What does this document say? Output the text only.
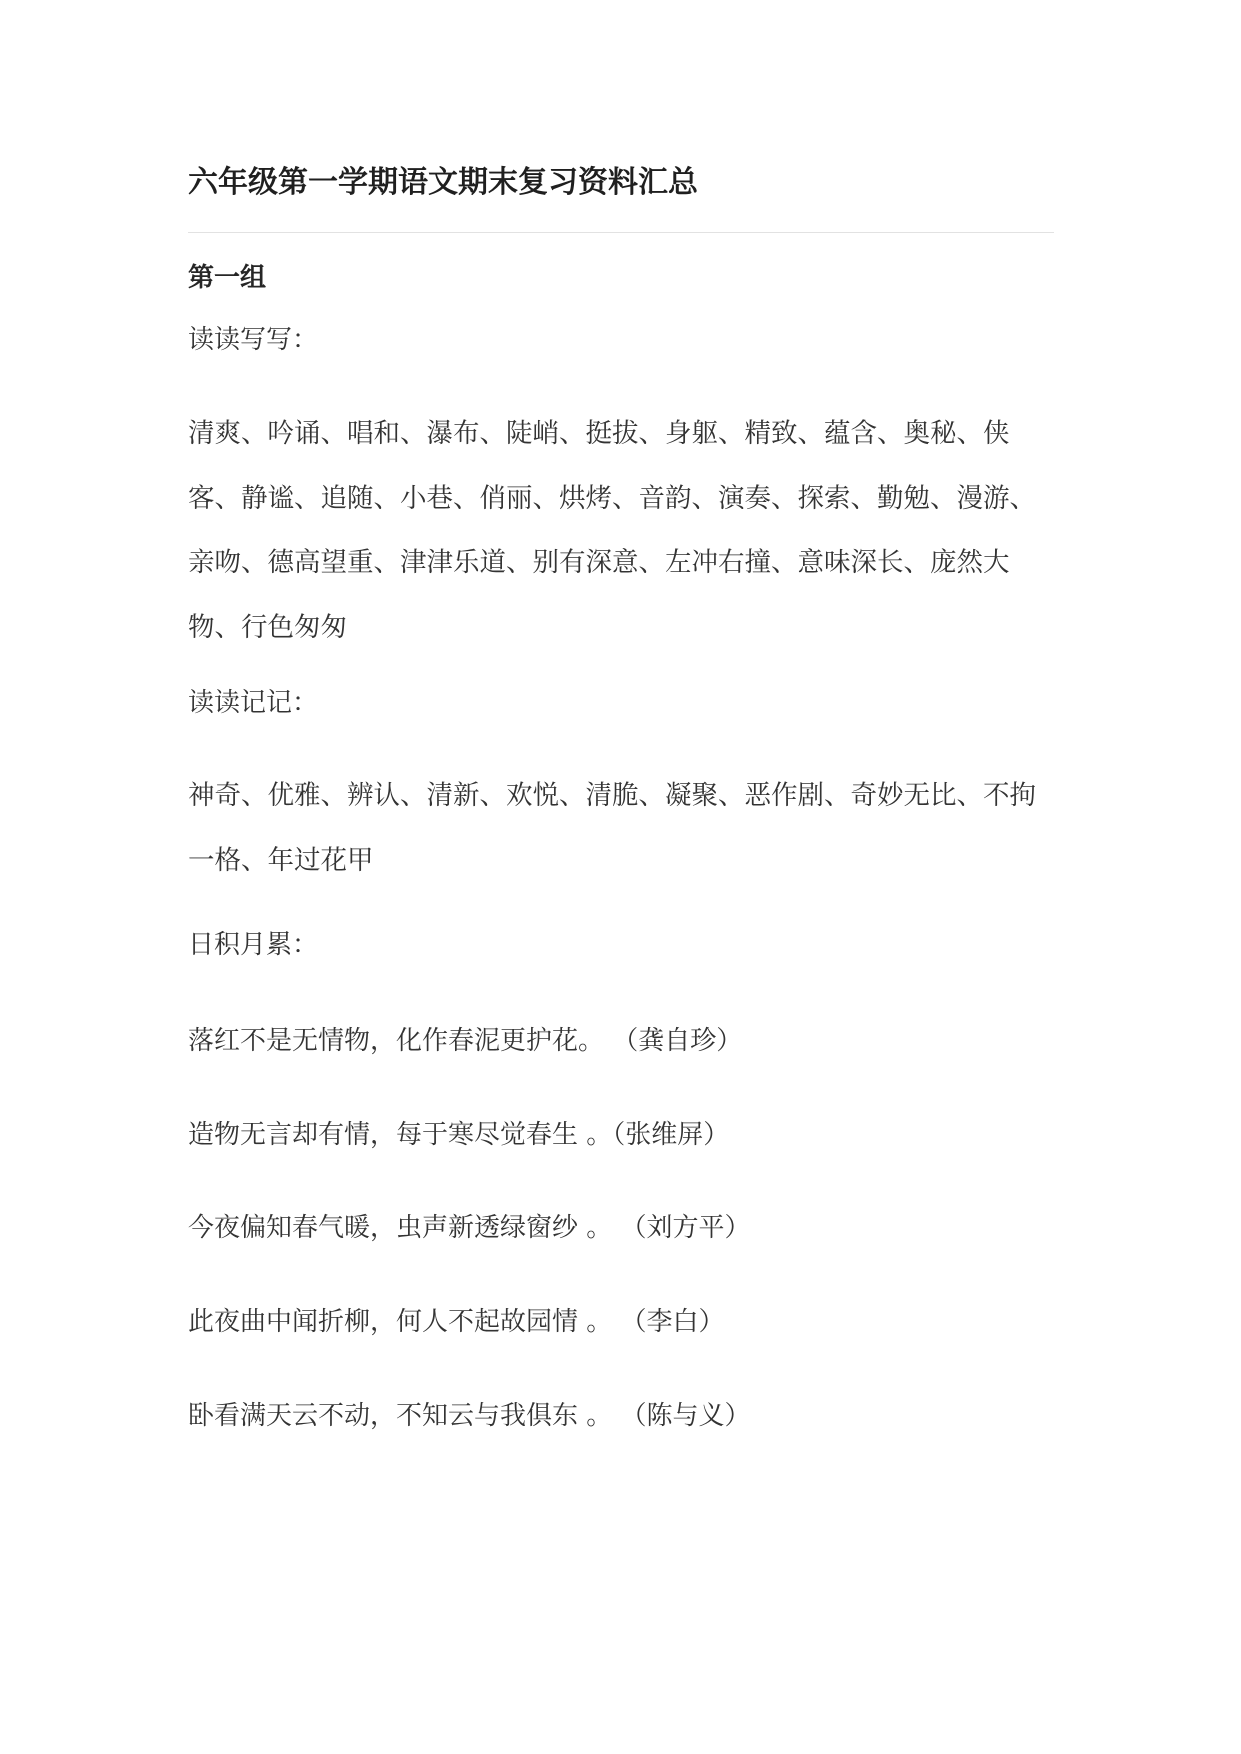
六年级第一学期语文期末复习资料汇总
第一组

读读写写：

清爽、吟诵、唱和、瀑布、陡峭、挺拔、身躯、精致、蕴含、奥秘、侠客、静谧、追随、小巷、俏丽、烘烤、音韵、演奏、探索、勤勉、漫游、亲吻、德高望重、津津乐道、别有深意、左冲右撞、意味深长、庞然大物、行色匆匆

读读记记：

神奇、优雅、辨认、清新、欢悦、清脆、凝聚、恶作剧、奇妙无比、不拘一格、年过花甲

日积月累：

落红不是无情物，化作春泥更护花。 （龚自珍）

造物无言却有情，每于寒尽觉春生 。（张维屏）

今夜偏知春气暖，虫声新透绿窗纱 。 （刘方平）

此夜曲中闻折柳，何人不起故园情 。 （李白）

卧看满天云不动，不知云与我俱东 。 （陈与义）
